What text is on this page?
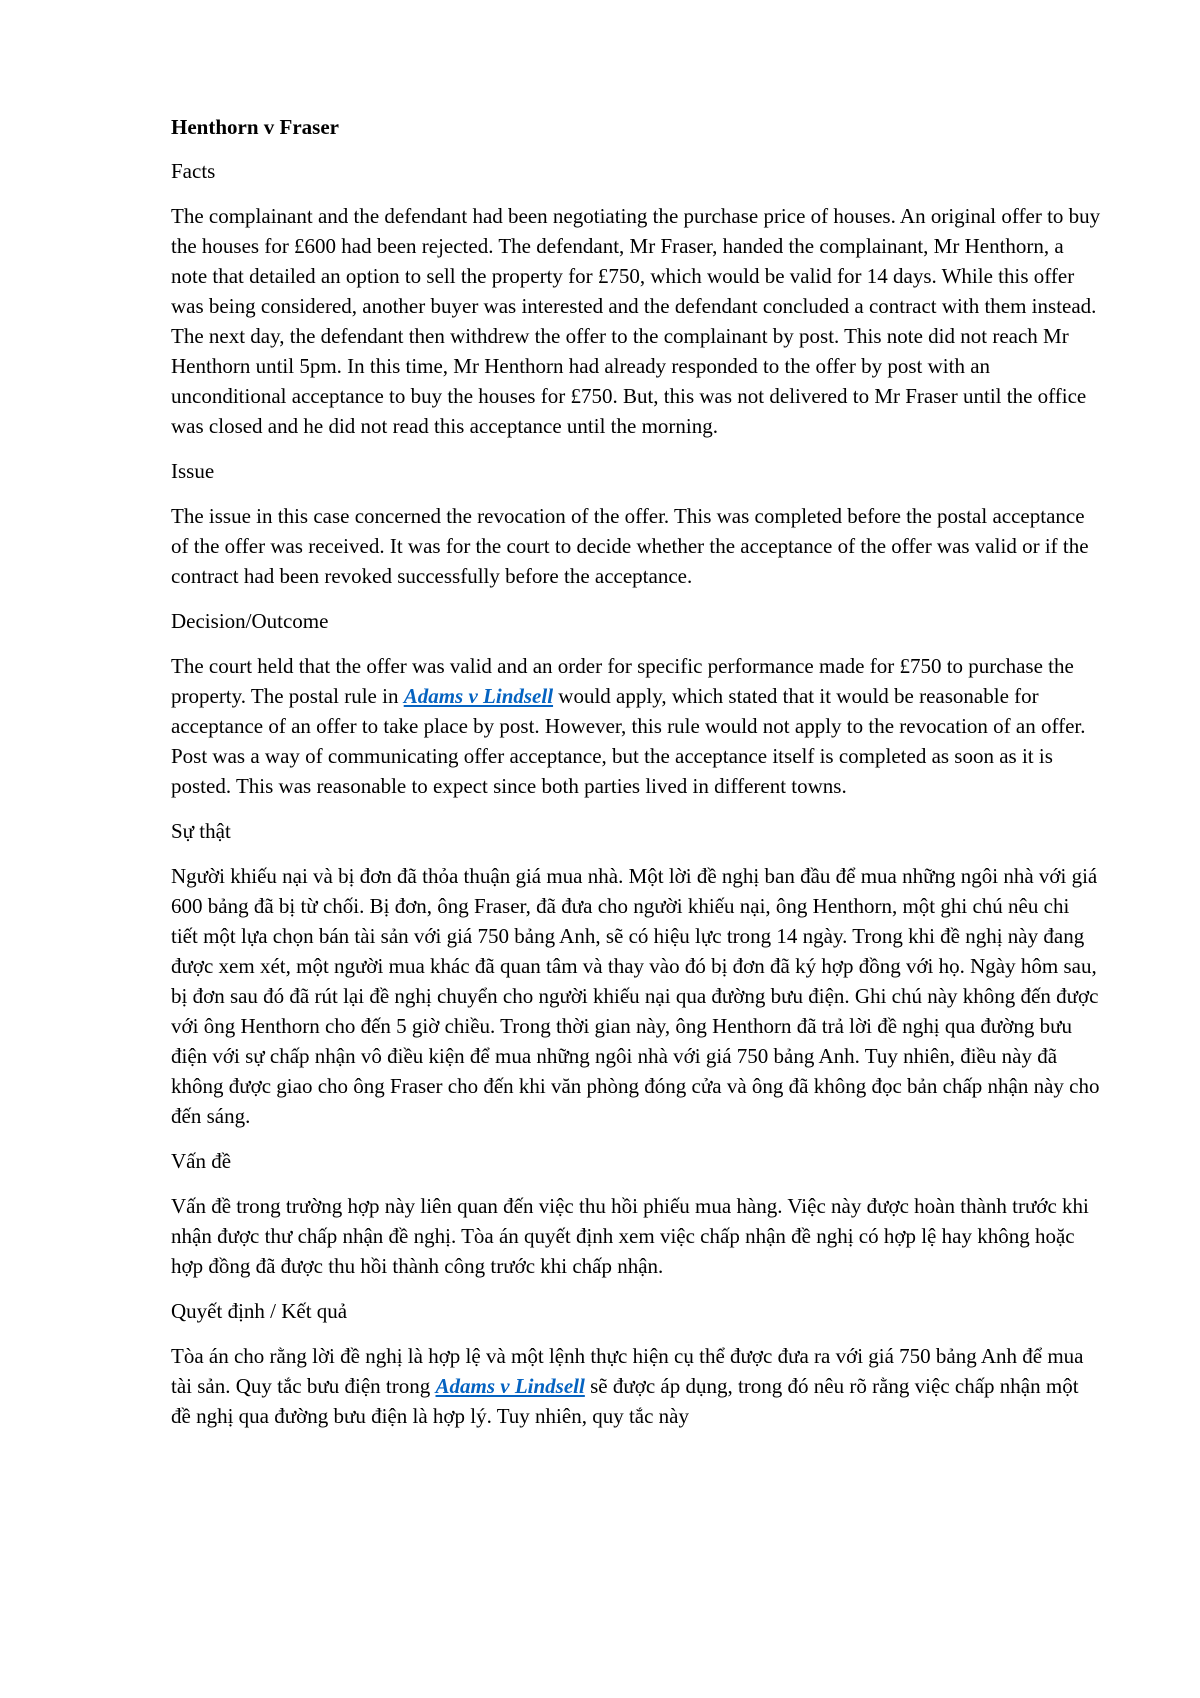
Henthorn v Fraser

Facts

The complainant and the defendant had been negotiating the purchase price of houses. An original offer to buy the houses for £600 had been rejected. The defendant, Mr Fraser, handed the complainant, Mr Henthorn, a note that detailed an option to sell the property for £750, which would be valid for 14 days. While this offer was being considered, another buyer was interested and the defendant concluded a contract with them instead. The next day, the defendant then withdrew the offer to the complainant by post. This note did not reach Mr Henthorn until 5pm. In this time, Mr Henthorn had already responded to the offer by post with an unconditional acceptance to buy the houses for £750. But, this was not delivered to Mr Fraser until the office was closed and he did not read this acceptance until the morning.

Issue

The issue in this case concerned the revocation of the offer. This was completed before the postal acceptance of the offer was received. It was for the court to decide whether the acceptance of the offer was valid or if the contract had been revoked successfully before the acceptance.

Decision/Outcome

The court held that the offer was valid and an order for specific performance made for £750 to purchase the property. The postal rule in Adams v Lindsell would apply, which stated that it would be reasonable for acceptance of an offer to take place by post. However, this rule would not apply to the revocation of an offer. Post was a way of communicating offer acceptance, but the acceptance itself is completed as soon as it is posted. This was reasonable to expect since both parties lived in different towns.

Sự thật

Người khiếu nại và bị đơn đã thỏa thuận giá mua nhà. Một lời đề nghị ban đầu để mua những ngôi nhà với giá 600 bảng đã bị từ chối. Bị đơn, ông Fraser, đã đưa cho người khiếu nại, ông Henthorn, một ghi chú nêu chi tiết một lựa chọn bán tài sản với giá 750 bảng Anh, sẽ có hiệu lực trong 14 ngày. Trong khi đề nghị này đang được xem xét, một người mua khác đã quan tâm và thay vào đó bị đơn đã ký hợp đồng với họ. Ngày hôm sau, bị đơn sau đó đã rút lại đề nghị chuyển cho người khiếu nại qua đường bưu điện. Ghi chú này không đến được với ông Henthorn cho đến 5 giờ chiều. Trong thời gian này, ông Henthorn đã trả lời đề nghị qua đường bưu điện với sự chấp nhận vô điều kiện để mua những ngôi nhà với giá 750 bảng Anh. Tuy nhiên, điều này đã không được giao cho ông Fraser cho đến khi văn phòng đóng cửa và ông đã không đọc bản chấp nhận này cho đến sáng.

Vấn đề

Vấn đề trong trường hợp này liên quan đến việc thu hồi phiếu mua hàng. Việc này được hoàn thành trước khi nhận được thư chấp nhận đề nghị. Tòa án quyết định xem việc chấp nhận đề nghị có hợp lệ hay không hoặc hợp đồng đã được thu hồi thành công trước khi chấp nhận.

Quyết định / Kết quả

Tòa án cho rằng lời đề nghị là hợp lệ và một lệnh thực hiện cụ thể được đưa ra với giá 750 bảng Anh để mua tài sản. Quy tắc bưu điện trong Adams v Lindsell sẽ được áp dụng, trong đó nêu rõ rằng việc chấp nhận một đề nghị qua đường bưu điện là hợp lý. Tuy nhiên, quy tắc này
